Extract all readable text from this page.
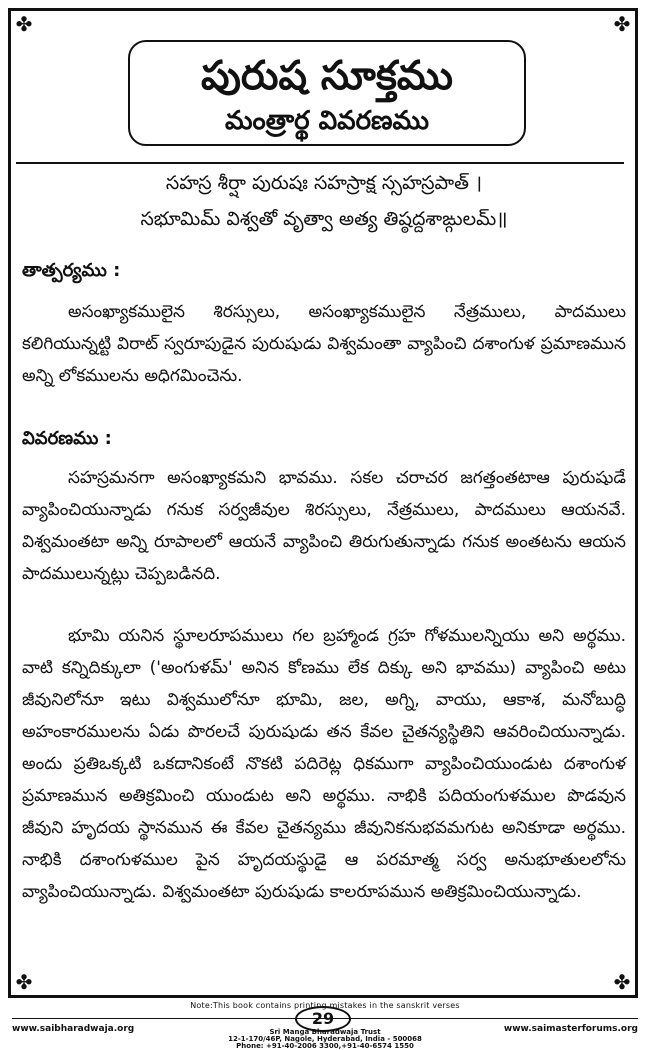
✤	✤
✤	✤
పురుష సూక్తము
మంత్రార్థ వివరణము
సహస్ర శీర్షా పురుషః సహస్రాక్ష స్సహస్రపాత్ ।
సభూమిమ్ విశ్వతో వృత్వా అత్య తిష్ఠద్దశాఙ్గులమ్॥
తాత్పర్యము :

అసంఖ్యాకములైన శిరస్సులు, అసంఖ్యాకములైన నేత్రములు, పాదములు కలిగియున్నట్టి విరాట్ స్వరూపుడైన పురుషుడు విశ్వమంతా వ్యాపించి దశాంగుళ ప్రమాణమున అన్ని లోకములను అధిగమించెను.

వివరణము :

సహస్రమనగా అసంఖ్యాకమని భావము. సకల చరాచర జగత్తంతటాఆ పురుషుడే వ్యాపించియున్నాడు గనుక సర్వజీవుల శిరస్సులు, నేత్రములు, పాదములు ఆయనవే. విశ్వమంతటా అన్ని రూపాలలో ఆయనే వ్యాపించి తిరుగుతున్నాడు గనుక అంతటను ఆయన పాదములున్నట్లు చెప్పబడినది.

భూమి యనిన స్థూలరూపములు గల బ్రహ్మాండ గ్రహ గోళములన్నియు అని అర్థము. వాటి కన్నిదిక్కులా ('అంగుళమ్' అనిన కోణము లేక దిక్కు అని భావము) వ్యాపించి అటు జీవునిలోనూ ఇటు విశ్వములోనూ భూమి, జల, అగ్ని, వాయు, ఆకాశ, మనోబుద్ధి అహంకారములను ఏడు పొరలచే పురుషుడు తన కేవల చైతన్యస్థితిని ఆవరించియున్నాడు. అందు ప్రతిఒక్కటి ఒకదానికంటే నొకటి పదిరెట్ల ధికముగా వ్యాపించియుండుట దశాంగుళ ప్రమాణమున అతిక్రమించి యుండుట అని అర్థము. నాభికి పదియంగుళముల పొడవున జీవుని హృదయ స్థానమున ఈ కేవల చైతన్యము జీవునికనుభవమగుట అనికూడా అర్థము. నాభికి దశాంగుళముల పైన హృదయస్థుడై ఆ పరమాత్మ సర్వ అనుభూతులలోను వ్యాపించియున్నాడు. విశ్వమంతటా పురుషుడు కాలరూపమున అతిక్రమించియున్నాడు.

Note:This book contains printing mistakes in the sanskrit verses
29
www.saibharadwaja.org	www.saimasterforums.org
Sri Manga Bharadwaja Trust
12-1-170/46P, Nagole, Hyderabad, India - 500068
Phone: +91-40-2006 3300,+91-40-6574 1550
